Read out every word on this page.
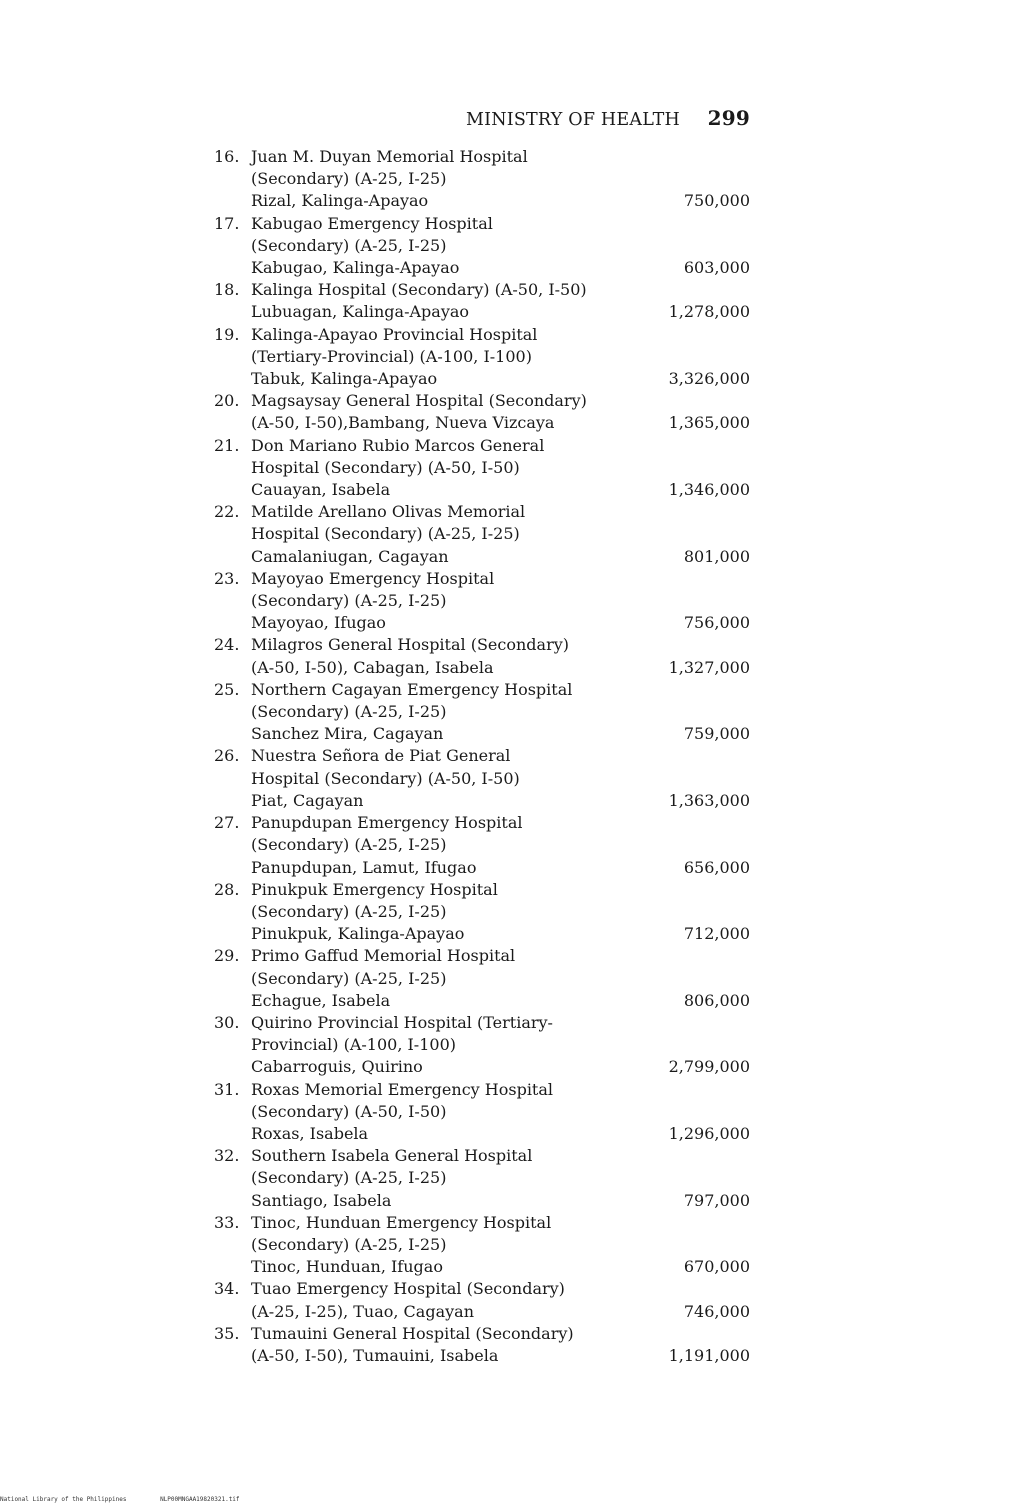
MINISTRY OF HEALTH 299
16. Juan M. Duyan Memorial Hospital
(Secondary) (A-25, I-25)
Rizal, Kalinga-Apayao	750,000
17. Kabugao Emergency Hospital
(Secondary) (A-25, I-25)
Kabugao, Kalinga-Apayao	603,000
18. Kalinga Hospital (Secondary) (A-50, I-50)
Lubuagan, Kalinga-Apayao	1,278,000
19. Kalinga-Apayao Provincial Hospital
(Tertiary-Provincial) (A-100, I-100)
Tabuk, Kalinga-Apayao	3,326,000
20. Magsaysay General Hospital (Secondary)
(A-50, I-50),Bambang, Nueva Vizcaya	1,365,000
21. Don Mariano Rubio Marcos General
Hospital (Secondary) (A-50, I-50)
Cauayan, Isabela	1,346,000
22. Matilde Arellano Olivas Memorial
Hospital (Secondary) (A-25, I-25)
Camalaniugan, Cagayan	801,000
23. Mayoyao Emergency Hospital
(Secondary) (A-25, I-25)
Mayoyao, Ifugao	756,000
24. Milagros General Hospital (Secondary)
(A-50, I-50), Cabagan, Isabela	1,327,000
25. Northern Cagayan Emergency Hospital
(Secondary) (A-25, I-25)
Sanchez Mira, Cagayan	759,000
26. Nuestra Señora de Piat General
Hospital (Secondary) (A-50, I-50)
Piat, Cagayan	1,363,000
27. Panupdupan Emergency Hospital
(Secondary) (A-25, I-25)
Panupdupan, Lamut, Ifugao	656,000
28. Pinukpuk Emergency Hospital
(Secondary) (A-25, I-25)
Pinukpuk, Kalinga-Apayao	712,000
29. Primo Gaffud Memorial Hospital
(Secondary) (A-25, I-25)
Echague, Isabela	806,000
30. Quirino Provincial Hospital (Tertiary-
Provincial) (A-100, I-100)
Cabarroguis, Quirino	2,799,000
31. Roxas Memorial Emergency Hospital
(Secondary) (A-50, I-50)
Roxas, Isabela	1,296,000
32. Southern Isabela General Hospital
(Secondary) (A-25, I-25)
Santiago, Isabela	797,000
33. Tinoc, Hunduan Emergency Hospital
(Secondary) (A-25, I-25)
Tinoc, Hunduan, Ifugao	670,000
34. Tuao Emergency Hospital (Secondary)
(A-25, I-25), Tuao, Cagayan	746,000
35. Tumauini General Hospital (Secondary)
(A-50, I-50), Tumauini, Isabela	1,191,000
National Library of the Philippines	NLP00MNGAA19820321.tif
